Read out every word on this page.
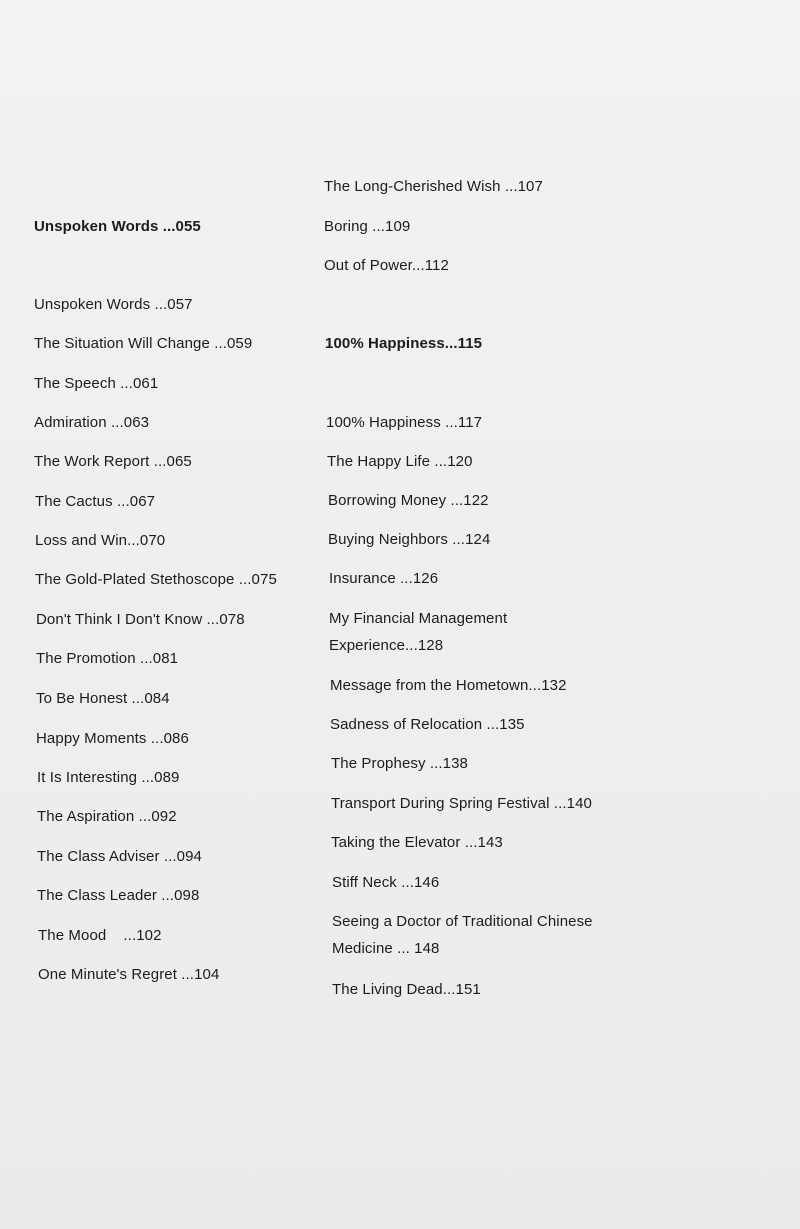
Unspoken Words ...055
Unspoken Words ...057
The Situation Will Change ...059
The Speech ...061
Admiration ...063
The Work Report ...065
The Cactus ...067
Loss and Win...070
The Gold-Plated Stethoscope ...075
Don't Think I Don't Know ...078
The Promotion ...081
To Be Honest ...084
Happy Moments ...086
It Is Interesting ...089
The Aspiration ...092
The Class Adviser ...094
The Class Leader ...098
The Mood    ...102
One Minute's Regret ...104
The Long-Cherished Wish ...107
Boring ...109
Out of Power...112
100% Happiness...115
100% Happiness ...117
The Happy Life ...120
Borrowing Money ...122
Buying Neighbors ...124
Insurance ...126
My Financial Management Experience...128
Message from the Hometown...132
Sadness of Relocation ...135
The Prophesy ...138
Transport During Spring Festival ...140
Taking the Elevator ...143
Stiff Neck ...146
Seeing a Doctor of Traditional Chinese Medicine ... 148
The Living Dead...151
